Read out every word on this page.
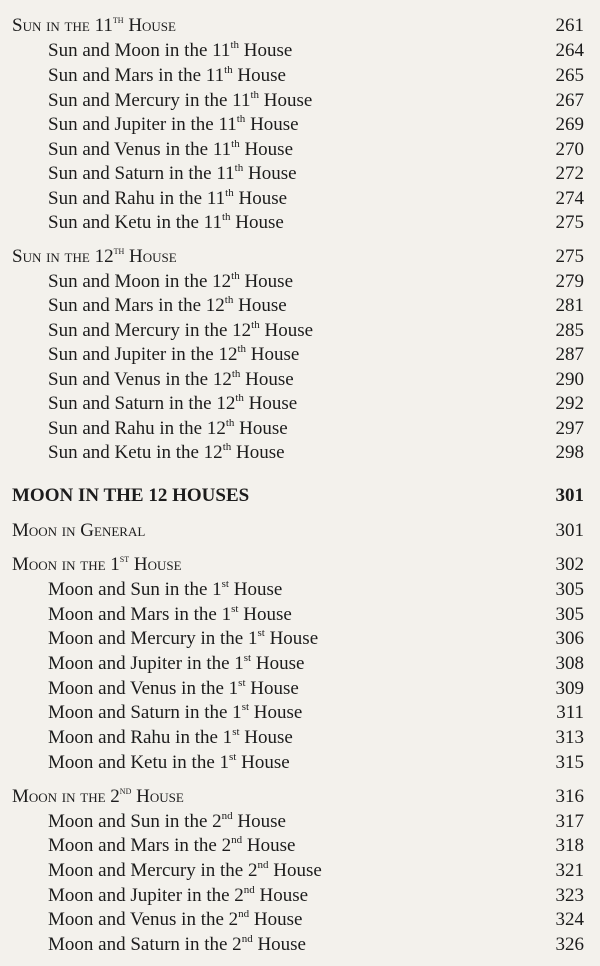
Sun in the 11th House	261
Sun and Moon in the 11th House	264
Sun and Mars in the 11th House	265
Sun and Mercury in the 11th House	267
Sun and Jupiter in the 11th House	269
Sun and Venus in the 11th House	270
Sun and Saturn in the 11th House	272
Sun and Rahu in the 11th House	274
Sun and Ketu in the 11th House	275
Sun in the 12th House	275
Sun and Moon in the 12th House	279
Sun and Mars in the 12th House	281
Sun and Mercury in the 12th House	285
Sun and Jupiter in the 12th House	287
Sun and Venus in the 12th House	290
Sun and Saturn in the 12th House	292
Sun and Rahu in the 12th House	297
Sun and Ketu in the 12th House	298
MOON IN THE 12 HOUSES	301
Moon in General	301
Moon in the 1st House	302
Moon and Sun in the 1st House	305
Moon and Mars in the 1st House	305
Moon and Mercury in the 1st House	306
Moon and Jupiter in the 1st House	308
Moon and Venus in the 1st House	309
Moon and Saturn in the 1st House	311
Moon and Rahu in the 1st House	313
Moon and Ketu in the 1st House	315
Moon in the 2nd House	316
Moon and Sun in the 2nd House	317
Moon and Mars in the 2nd House	318
Moon and Mercury in the 2nd House	321
Moon and Jupiter in the 2nd House	323
Moon and Venus in the 2nd House	324
Moon and Saturn in the 2nd House	326
